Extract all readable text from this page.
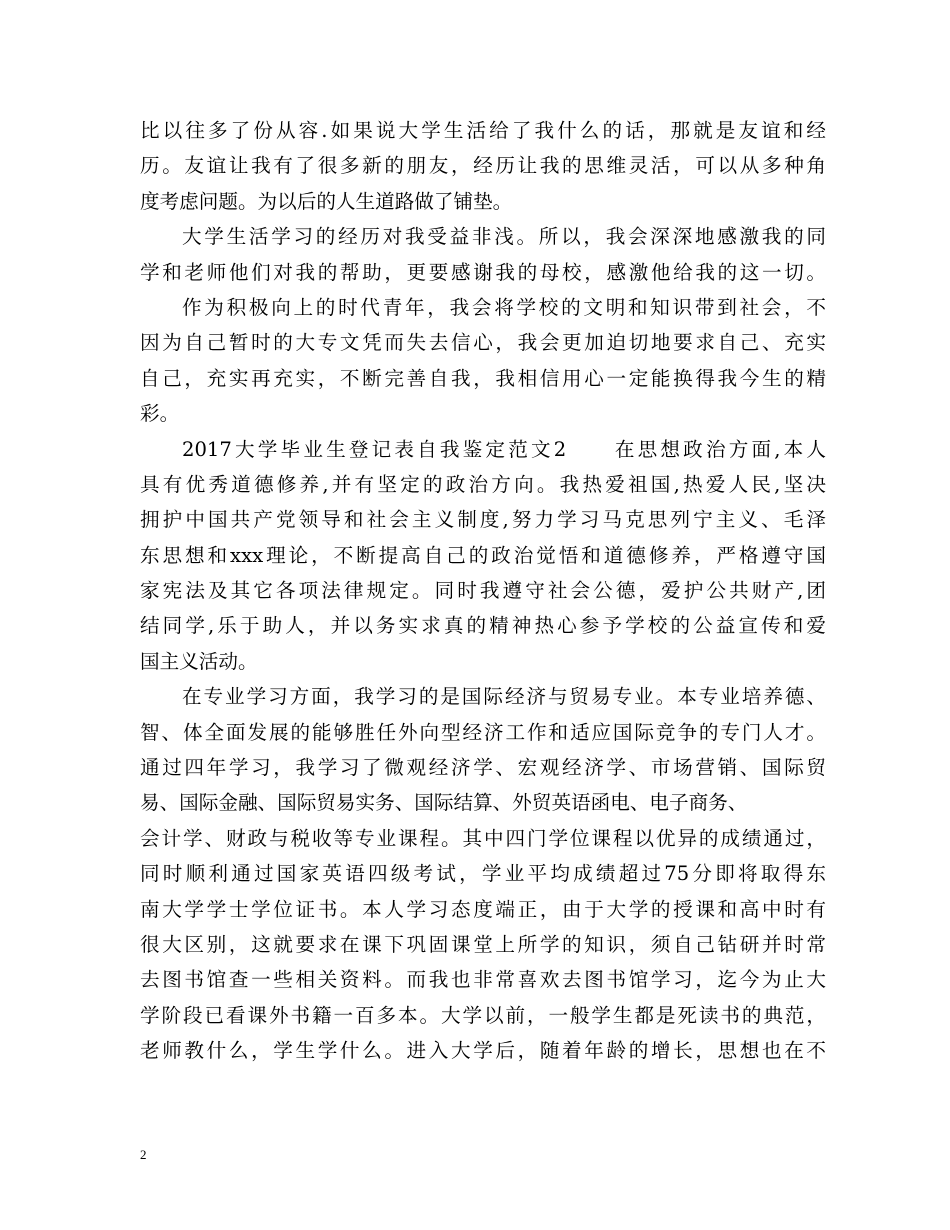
比以往多了份从容.如果说大学生活给了我什么的话，那就是友谊和经
历。友谊让我有了很多新的朋友，经历让我的思维灵活，可以从多种角
度考虑问题。为以后的人生道路做了铺垫。
大学生活学习的经历对我受益非浅。所以，我会深深地感激我的同
学和老师他们对我的帮助，更要感谢我的母校，感激他给我的这一切。
作为积极向上的时代青年，我会将学校的文明和知识带到社会，不
因为自己暂时的大专文凭而失去信心，我会更加迫切地要求自己、充实
自己，充实再充实，不断完善自我，我相信用心一定能换得我今生的精
彩。
2017大学毕业生登记表自我鉴定范文2　　在思想政治方面,本人
具有优秀道德修养,并有坚定的政治方向。我热爱祖国,热爱人民,坚决
拥护中国共产党领导和社会主义制度,努力学习马克思列宁主义、毛泽
东思想和xxx理论，不断提高自己的政治觉悟和道德修养，严格遵守国
家宪法及其它各项法律规定。同时我遵守社会公德，爱护公共财产,团
结同学,乐于助人，并以务实求真的精神热心参予学校的公益宣传和爱
国主义活动。
在专业学习方面，我学习的是国际经济与贸易专业。本专业培养德、
智、体全面发展的能够胜任外向型经济工作和适应国际竞争的专门人才。
通过四年学习，我学习了微观经济学、宏观经济学、市场营销、国际贸
易、国际金融、国际贸易实务、国际结算、外贸英语函电、电子商务、
会计学、财政与税收等专业课程。其中四门学位课程以优异的成绩通过，
同时顺利通过国家英语四级考试，学业平均成绩超过75分即将取得东
南大学学士学位证书。本人学习态度端正，由于大学的授课和高中时有
很大区别，这就要求在课下巩固课堂上所学的知识，须自己钻研并时常
去图书馆查一些相关资料。而我也非常喜欢去图书馆学习，迄今为止大
学阶段已看课外书籍一百多本。大学以前，一般学生都是死读书的典范，
老师教什么，学生学什么。进入大学后，随着年龄的增长，思想也在不
2
